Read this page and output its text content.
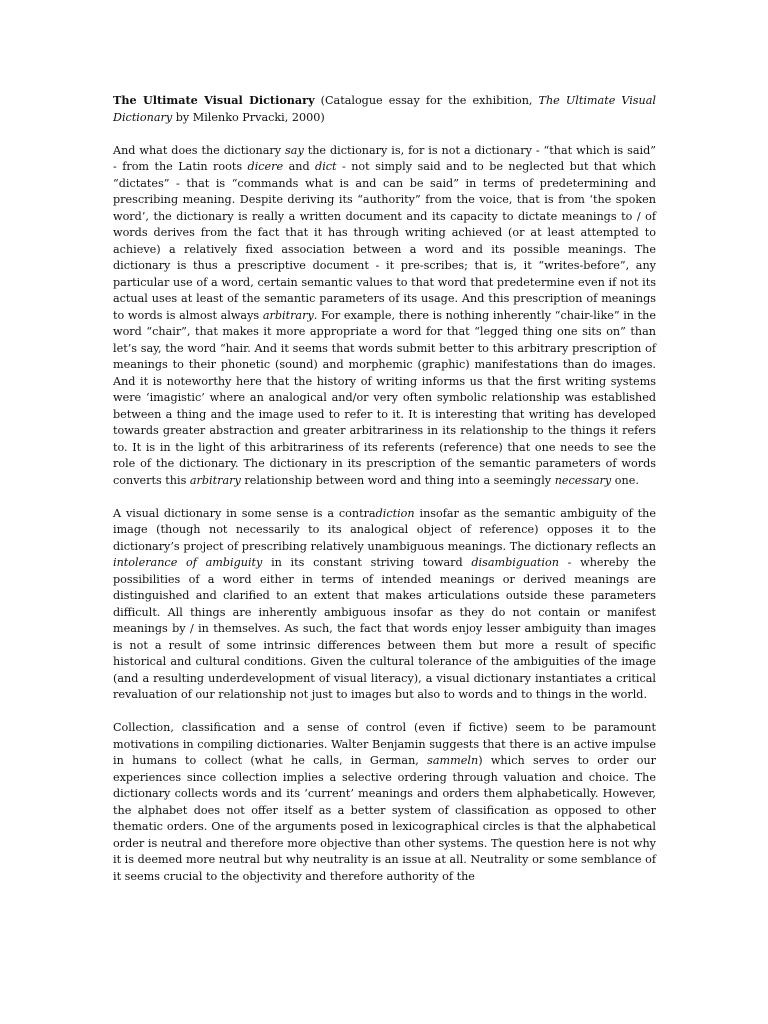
The Ultimate Visual Dictionary (Catalogue essay for the exhibition, The Ultimate Visual Dictionary by Milenko Prvacki, 2000)

And what does the dictionary say the dictionary is, for is not a dictionary - “that which is said” - from the Latin roots dicere and dict - not simply said and to be neglected but that which “dictates” - that is “commands what is and can be said” in terms of predetermining and prescribing meaning. Despite deriving its “authority” from the voice, that is from ‘the spoken word’, the dictionary is really a written document and its capacity to dictate meanings to / of words derives from the fact that it has through writing achieved (or at least attempted to achieve) a relatively fixed association between a word and its possible meanings. The dictionary is thus a prescriptive document - it pre-scribes; that is, it “writes-before”, any particular use of a word, certain semantic values to that word that predetermine even if not its actual uses at least of the semantic parameters of its usage. And this prescription of meanings to words is almost always arbitrary. For example, there is nothing inherently “chair-like” in the word “chair”, that makes it more appropriate a word for that “legged thing one sits on” than let’s say, the word “hair. And it seems that words submit better to this arbitrary prescription of meanings to their phonetic (sound) and morphemic (graphic) manifestations than do images. And it is noteworthy here that the history of writing informs us that the first writing systems were ‘imagistic’ where an analogical and/or very often symbolic relationship was established between a thing and the image used to refer to it. It is interesting that writing has developed towards greater abstraction and greater arbitrariness in its relationship to the things it refers to. It is in the light of this arbitrariness of its referents (reference) that one needs to see the role of the dictionary. The dictionary in its prescription of the semantic parameters of words converts this arbitrary relationship between word and thing into a seemingly necessary one.

A visual dictionary in some sense is a contradiction insofar as the semantic ambiguity of the image (though not necessarily to its analogical object of reference) opposes it to the dictionary’s project of prescribing relatively unambiguous meanings. The dictionary reflects an intolerance of ambiguity in its constant striving toward disambiguation - whereby the possibilities of a word either in terms of intended meanings or derived meanings are distinguished and clarified to an extent that makes articulations outside these parameters difficult. All things are inherently ambiguous insofar as they do not contain or manifest meanings by / in themselves. As such, the fact that words enjoy lesser ambiguity than images is not a result of some intrinsic differences between them but more a result of specific historical and cultural conditions. Given the cultural tolerance of the ambiguities of the image (and a resulting underdevelopment of visual literacy), a visual dictionary instantiates a critical revaluation of our relationship not just to images but also to words and to things in the world.

Collection, classification and a sense of control (even if fictive) seem to be paramount motivations in compiling dictionaries. Walter Benjamin suggests that there is an active impulse in humans to collect (what he calls, in German, sammeln) which serves to order our experiences since collection implies a selective ordering through valuation and choice. The dictionary collects words and its ‘current’ meanings and orders them alphabetically. However, the alphabet does not offer itself as a better system of classification as opposed to other thematic orders. One of the arguments posed in lexicographical circles is that the alphabetical order is neutral and therefore more objective than other systems. The question here is not why it is deemed more neutral but why neutrality is an issue at all. Neutrality or some semblance of it seems crucial to the objectivity and therefore authority of the
